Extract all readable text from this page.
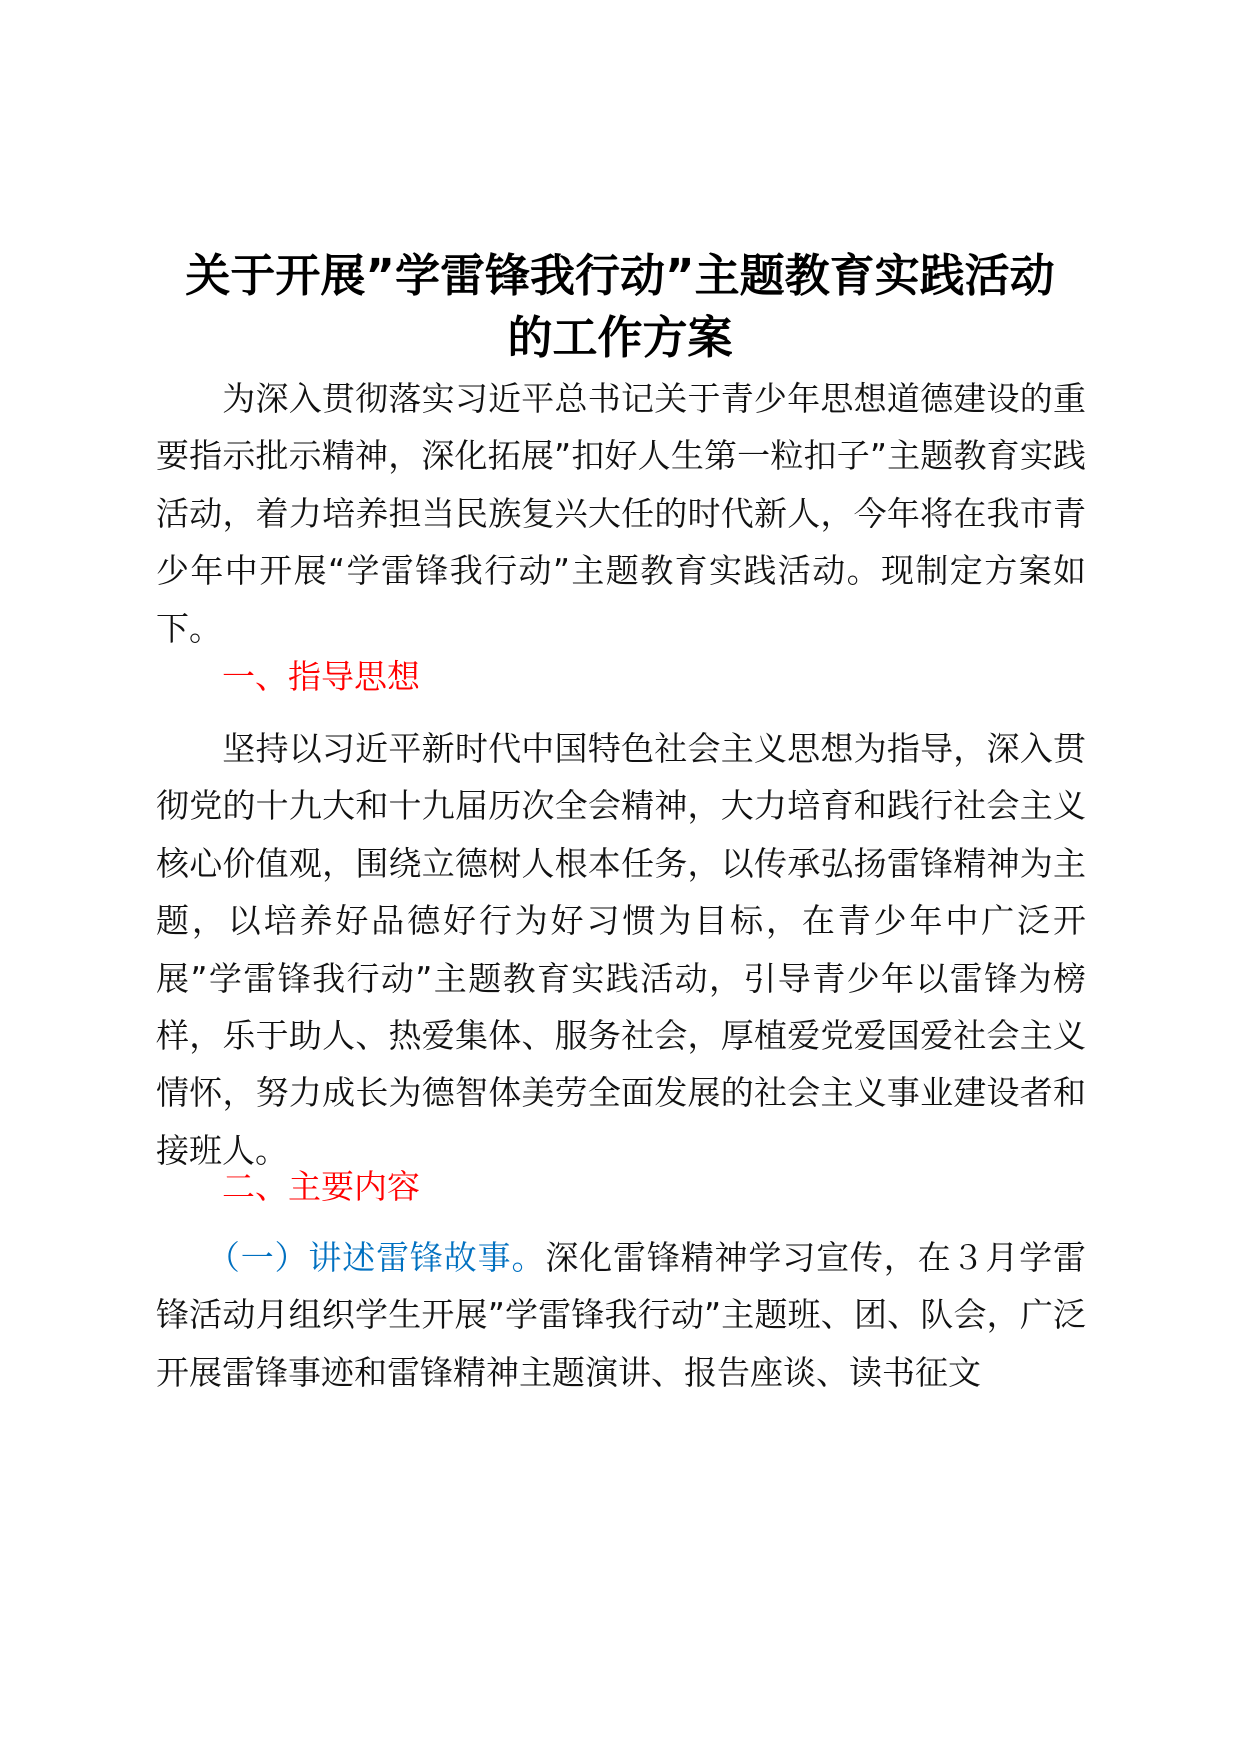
关于开展”学雷锋我行动”主题教育实践活动
的工作方案
为深入贯彻落实习近平总书记关于青少年思想道德建设的重要指示批示精神，深化拓展”扣好人生第一粒扣子”主题教育实践活动，着力培养担当民族复兴大任的时代新人，今年将在我市青少年中开展“学雷锋我行动”主题教育实践活动。现制定方案如下。
一、指导思想
坚持以习近平新时代中国特色社会主义思想为指导，深入贯彻党的十九大和十九届历次全会精神，大力培育和践行社会主义核心价值观，围绕立德树人根本任务，以传承弘扬雷锋精神为主题，以培养好品德好行为好习惯为目标，在青少年中广泛开展”学雷锋我行动”主题教育实践活动，引导青少年以雷锋为榜样，乐于助人、热爱集体、服务社会，厚植爱党爱国爱社会主义情怀，努力成长为德智体美劳全面发展的社会主义事业建设者和接班人。
二、主要内容
（一）讲述雷锋故事。深化雷锋精神学习宣传，在３月学雷锋活动月组织学生开展”学雷锋我行动”主题班、团、队会，广泛开展雷锋事迹和雷锋精神主题演讲、报告座谈、读书征文
